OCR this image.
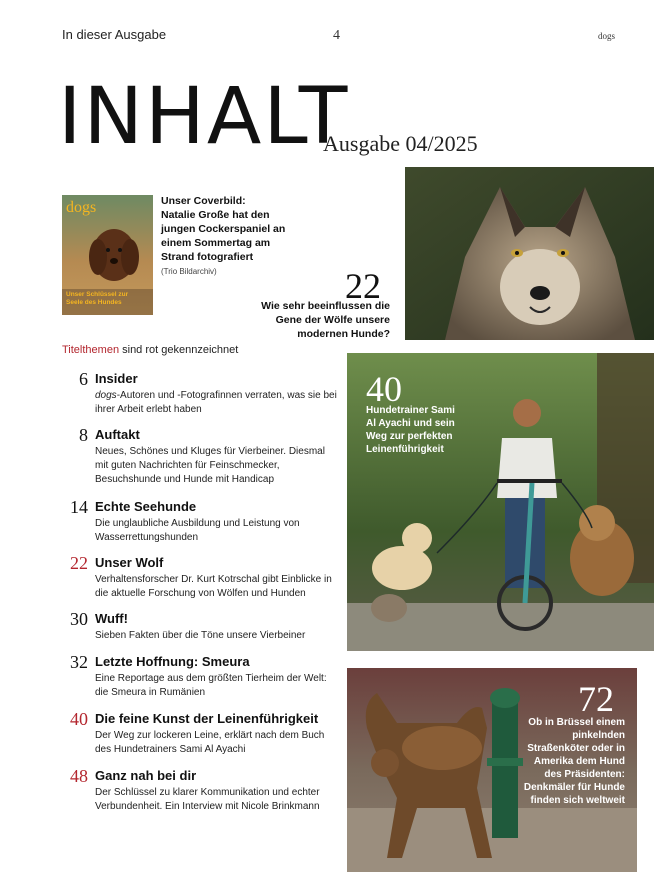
In dieser Ausgabe	4	dogs
INHALT
Ausgabe 04/2025
dogs
Unser Schlüssel zur Seele des Hundes
Unser Coverbild:
Natalie Große hat den jungen Cockerspaniel an einem Sommertag am Strand fotografiert
(Trio Bildarchiv)	22
Wie sehr beeinflussen die Gene der Wölfe unsere modernen Hunde?
Titelthemen sind rot gekennzeichnet
6 Insider
dogs-Autoren und -Fotografinnen verraten, was sie bei ihrer Arbeit erlebt haben
8 Auftakt
Neues, Schönes und Kluges für Vierbeiner. Diesmal mit guten Nachrichten für Feinschmecker, Besuchshunde und Hunde mit Handicap
14 Echte Seehunde
Die unglaubliche Ausbildung und Leistung von Wasserrettungshunden
22 Unser Wolf
Verhaltensforscher Dr. Kurt Kotrschal gibt Einblicke in die aktuelle Forschung von Wölfen und Hunden
30 Wuff!
Sieben Fakten über die Töne unsere Vierbeiner
32 Letzte Hoffnung: Smeura
Eine Reportage aus dem größten Tierheim der Welt: die Smeura in Rumänien
40 Die feine Kunst der Leinenführigkeit
Der Weg zur lockeren Leine, erklärt nach dem Buch des Hundetrainers Sami Al Ayachi
48 Ganz nah bei dir
Der Schlüssel zu klarer Kommunikation und echter Verbundenheit. Ein Interview mit Nicole Brinkmann
40
Hundetrainer Sami Al Ayachi und sein Weg zur perfekten Leinenführigkeit
72
Ob in Brüssel einem pinkelnden Straßenköter oder in Amerika dem Hund des Präsidenten: Denkmäler für Hunde finden sich weltweit
